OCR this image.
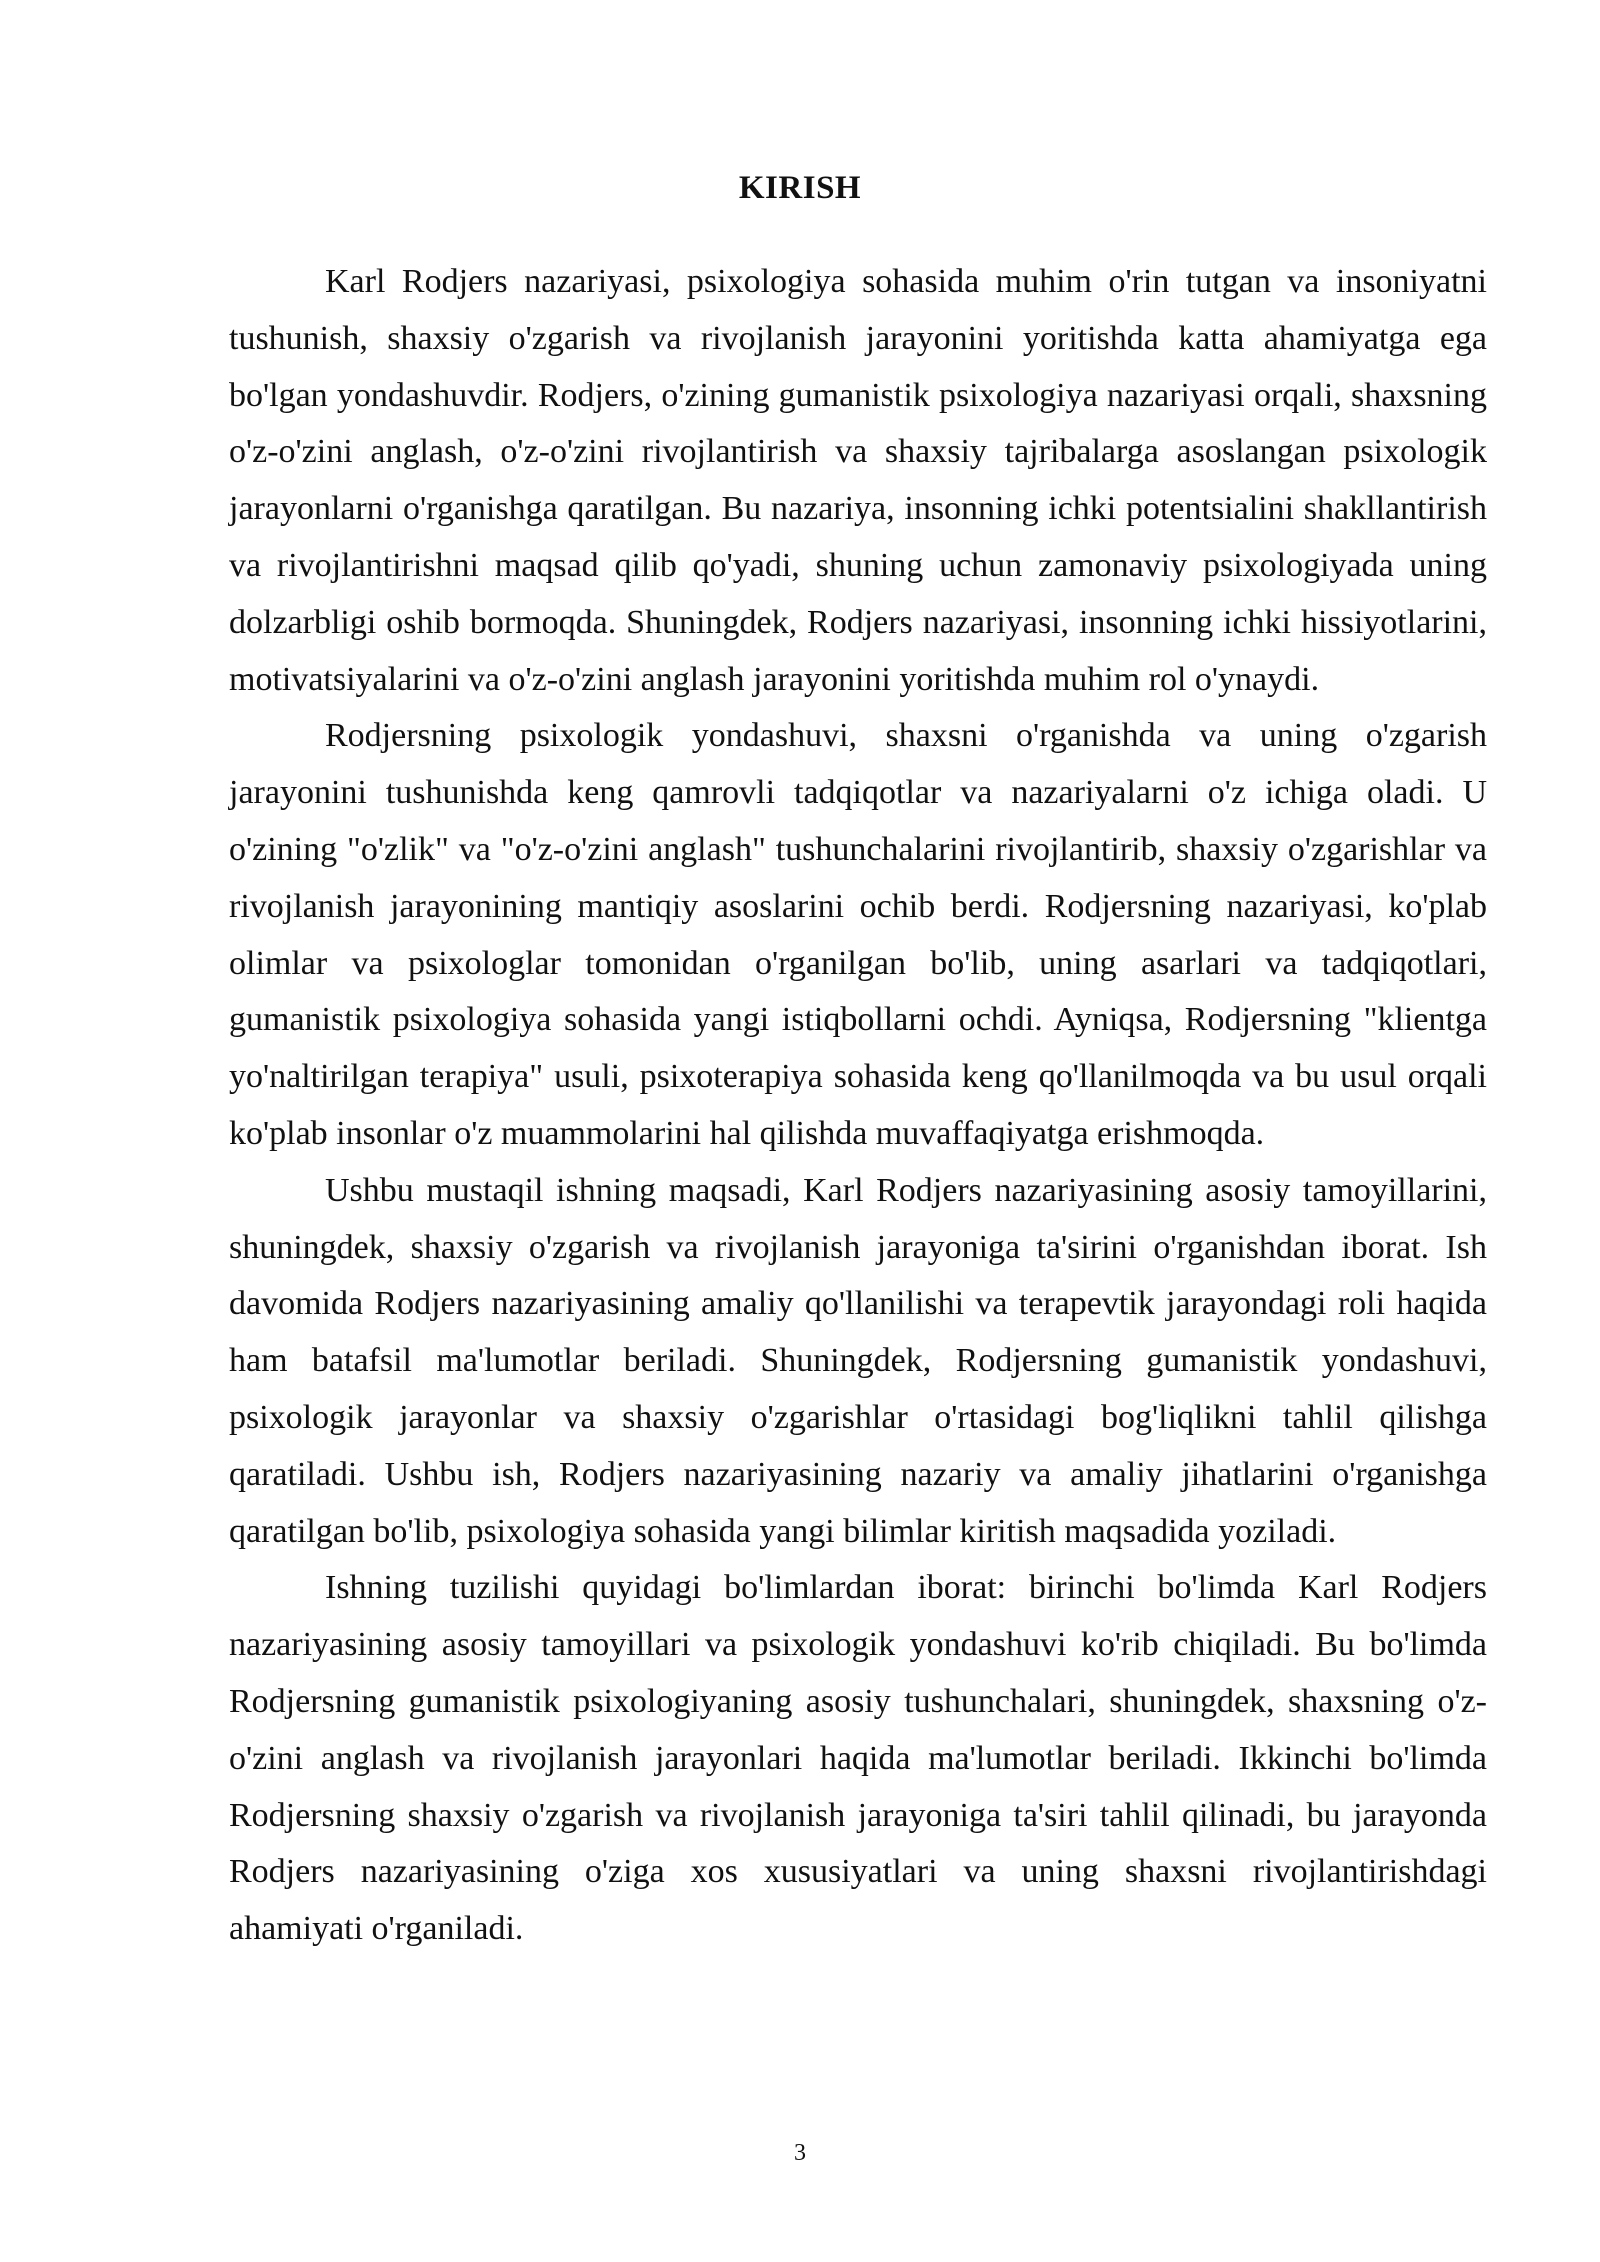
KIRISH

Karl Rodjers nazariyasi, psixologiya sohasida muhim o'rin tutgan va insoniyatni tushunish, shaxsiy o'zgarish va rivojlanish jarayonini yoritishda katta ahamiyatga ega bo'lgan yondashuvdir. Rodjers, o'zining gumanistik psixologiya nazariyasi orqali, shaxsning o'z-o'zini anglash, o'z-o'zini rivojlantirish va shaxsiy tajribalarga asoslangan psixologik jarayonlarni o'rganishga qaratilgan. Bu nazariya, insonning ichki potentsialini shakllantirish va rivojlantirishni maqsad qilib qo'yadi, shuning uchun zamonaviy psixologiyada uning dolzarbligi oshib bormoqda. Shuningdek, Rodjers nazariyasi, insonning ichki hissiyotlarini, motivatsiyalarini va o'z-o'zini anglash jarayonini yoritishda muhim rol o'ynaydi.

Rodjersning psixologik yondashuvi, shaxsni o'rganishda va uning o'zgarish jarayonini tushunishda keng qamrovli tadqiqotlar va nazariyalarni o'z ichiga oladi. U o'zining "o'zlik" va "o'z-o'zini anglash" tushunchalarini rivojlantirib, shaxsiy o'zgarishlar va rivojlanish jarayonining mantiqiy asoslarini ochib berdi. Rodjersning nazariyasi, ko'plab olimlar va psixologlar tomonidan o'rganilgan bo'lib, uning asarlari va tadqiqotlari, gumanistik psixologiya sohasida yangi istiqbollarni ochdi. Ayniqsa, Rodjersning "klientga yo'naltirilgan terapiya" usuli, psixoterapiya sohasida keng qo'llanilmoqda va bu usul orqali ko'plab insonlar o'z muammolarini hal qilishda muvaffaqiyatga erishmoqda.

Ushbu mustaqil ishning maqsadi, Karl Rodjers nazariyasining asosiy tamoyillarini, shuningdek, shaxsiy o'zgarish va rivojlanish jarayoniga ta'sirini o'rganishdan iborat. Ish davomida Rodjers nazariyasining amaliy qo'llanilishi va terapevtik jarayondagi roli haqida ham batafsil ma'lumotlar beriladi. Shuningdek, Rodjersning gumanistik yondashuvi, psixologik jarayonlar va shaxsiy o'zgarishlar o'rtasidagi bog'liqlikni tahlil qilishga qaratiladi. Ushbu ish, Rodjers nazariyasining nazariy va amaliy jihatlarini o'rganishga qaratilgan bo'lib, psixologiya sohasida yangi bilimlar kiritish maqsadida yoziladi.

Ishning tuzilishi quyidagi bo'limlardan iborat: birinchi bo'limda Karl Rodjers nazariyasining asosiy tamoyillari va psixologik yondashuvi ko'rib chiqiladi. Bu bo'limda Rodjersning gumanistik psixologiyaning asosiy tushunchalari, shuningdek, shaxsning o'z-o'zini anglash va rivojlanish jarayonlari haqida ma'lumotlar beriladi. Ikkinchi bo'limda Rodjersning shaxsiy o'zgarish va rivojlanish jarayoniga ta'siri tahlil qilinadi, bu jarayonda Rodjers nazariyasining o'ziga xos xususiyatlari va uning shaxsni rivojlantirishdagi ahamiyati o'rganiladi.

3
